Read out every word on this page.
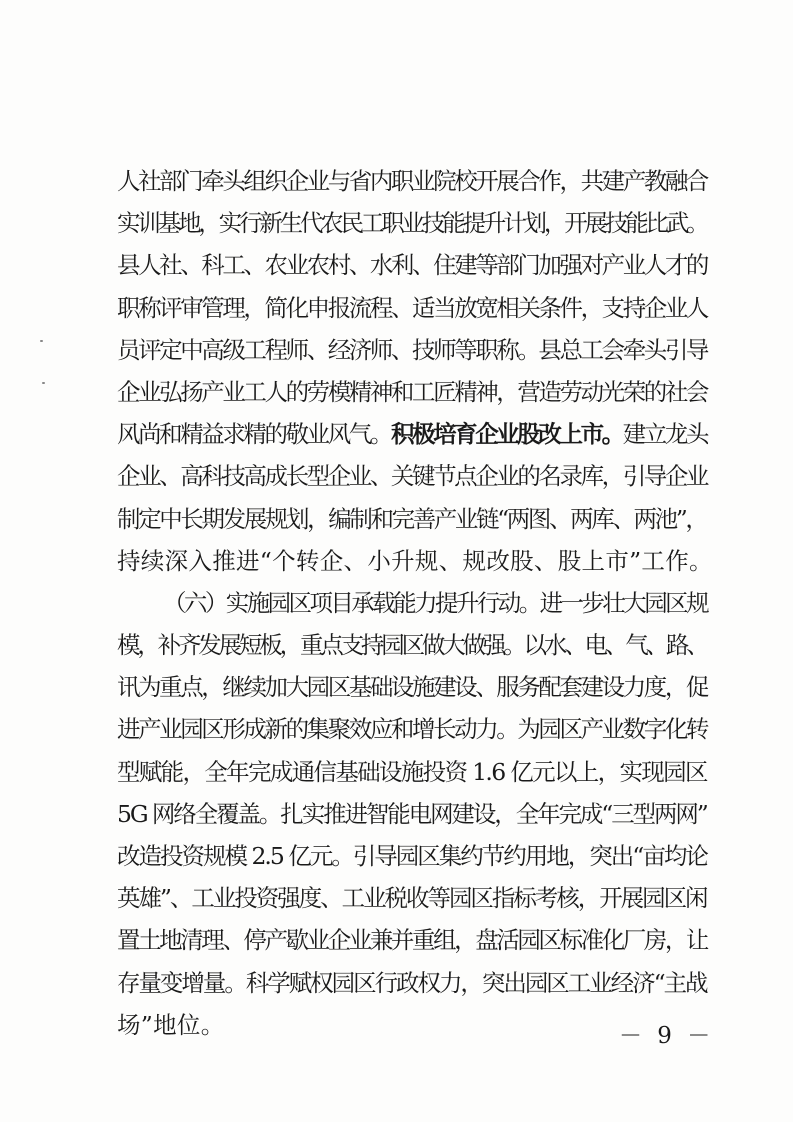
人社部门牵头组织企业与省内职业院校开展合作，共建产教融合
实训基地，实行新生代农民工职业技能提升计划，开展技能比武。
县人社、科工、农业农村、水利、住建等部门加强对产业人才的
职称评审管理，简化申报流程、适当放宽相关条件，支持企业人
员评定中高级工程师、经济师、技师等职称。县总工会牵头引导
企业弘扬产业工人的劳模精神和工匠精神，营造劳动光荣的社会
风尚和精益求精的敬业风气。积极培育企业股改上市。建立龙头
企业、高科技高成长型企业、关键节点企业的名录库，引导企业
制定中长期发展规划，编制和完善产业链“两图、两库、两池”，
持续深入推进“个转企、小升规、规改股、股上市”工作。
（六）实施园区项目承载能力提升行动。进一步壮大园区规
模，补齐发展短板，重点支持园区做大做强。以水、电、气、路、
讯为重点，继续加大园区基础设施建设、服务配套建设力度，促
进产业园区形成新的集聚效应和增长动力。为园区产业数字化转
型赋能，全年完成通信基础设施投资 1.6 亿元以上，实现园区
5G 网络全覆盖。扎实推进智能电网建设，全年完成“三型两网”
改造投资规模 2.5 亿元。引导园区集约节约用地，突出“亩均论
英雄”、工业投资强度、工业税收等园区指标考核，开展园区闲
置土地清理、停产歇业企业兼并重组，盘活园区标准化厂房，让
存量变增量。科学赋权园区行政权力，突出园区工业经济“主战
场”地位。	－ 9 －
